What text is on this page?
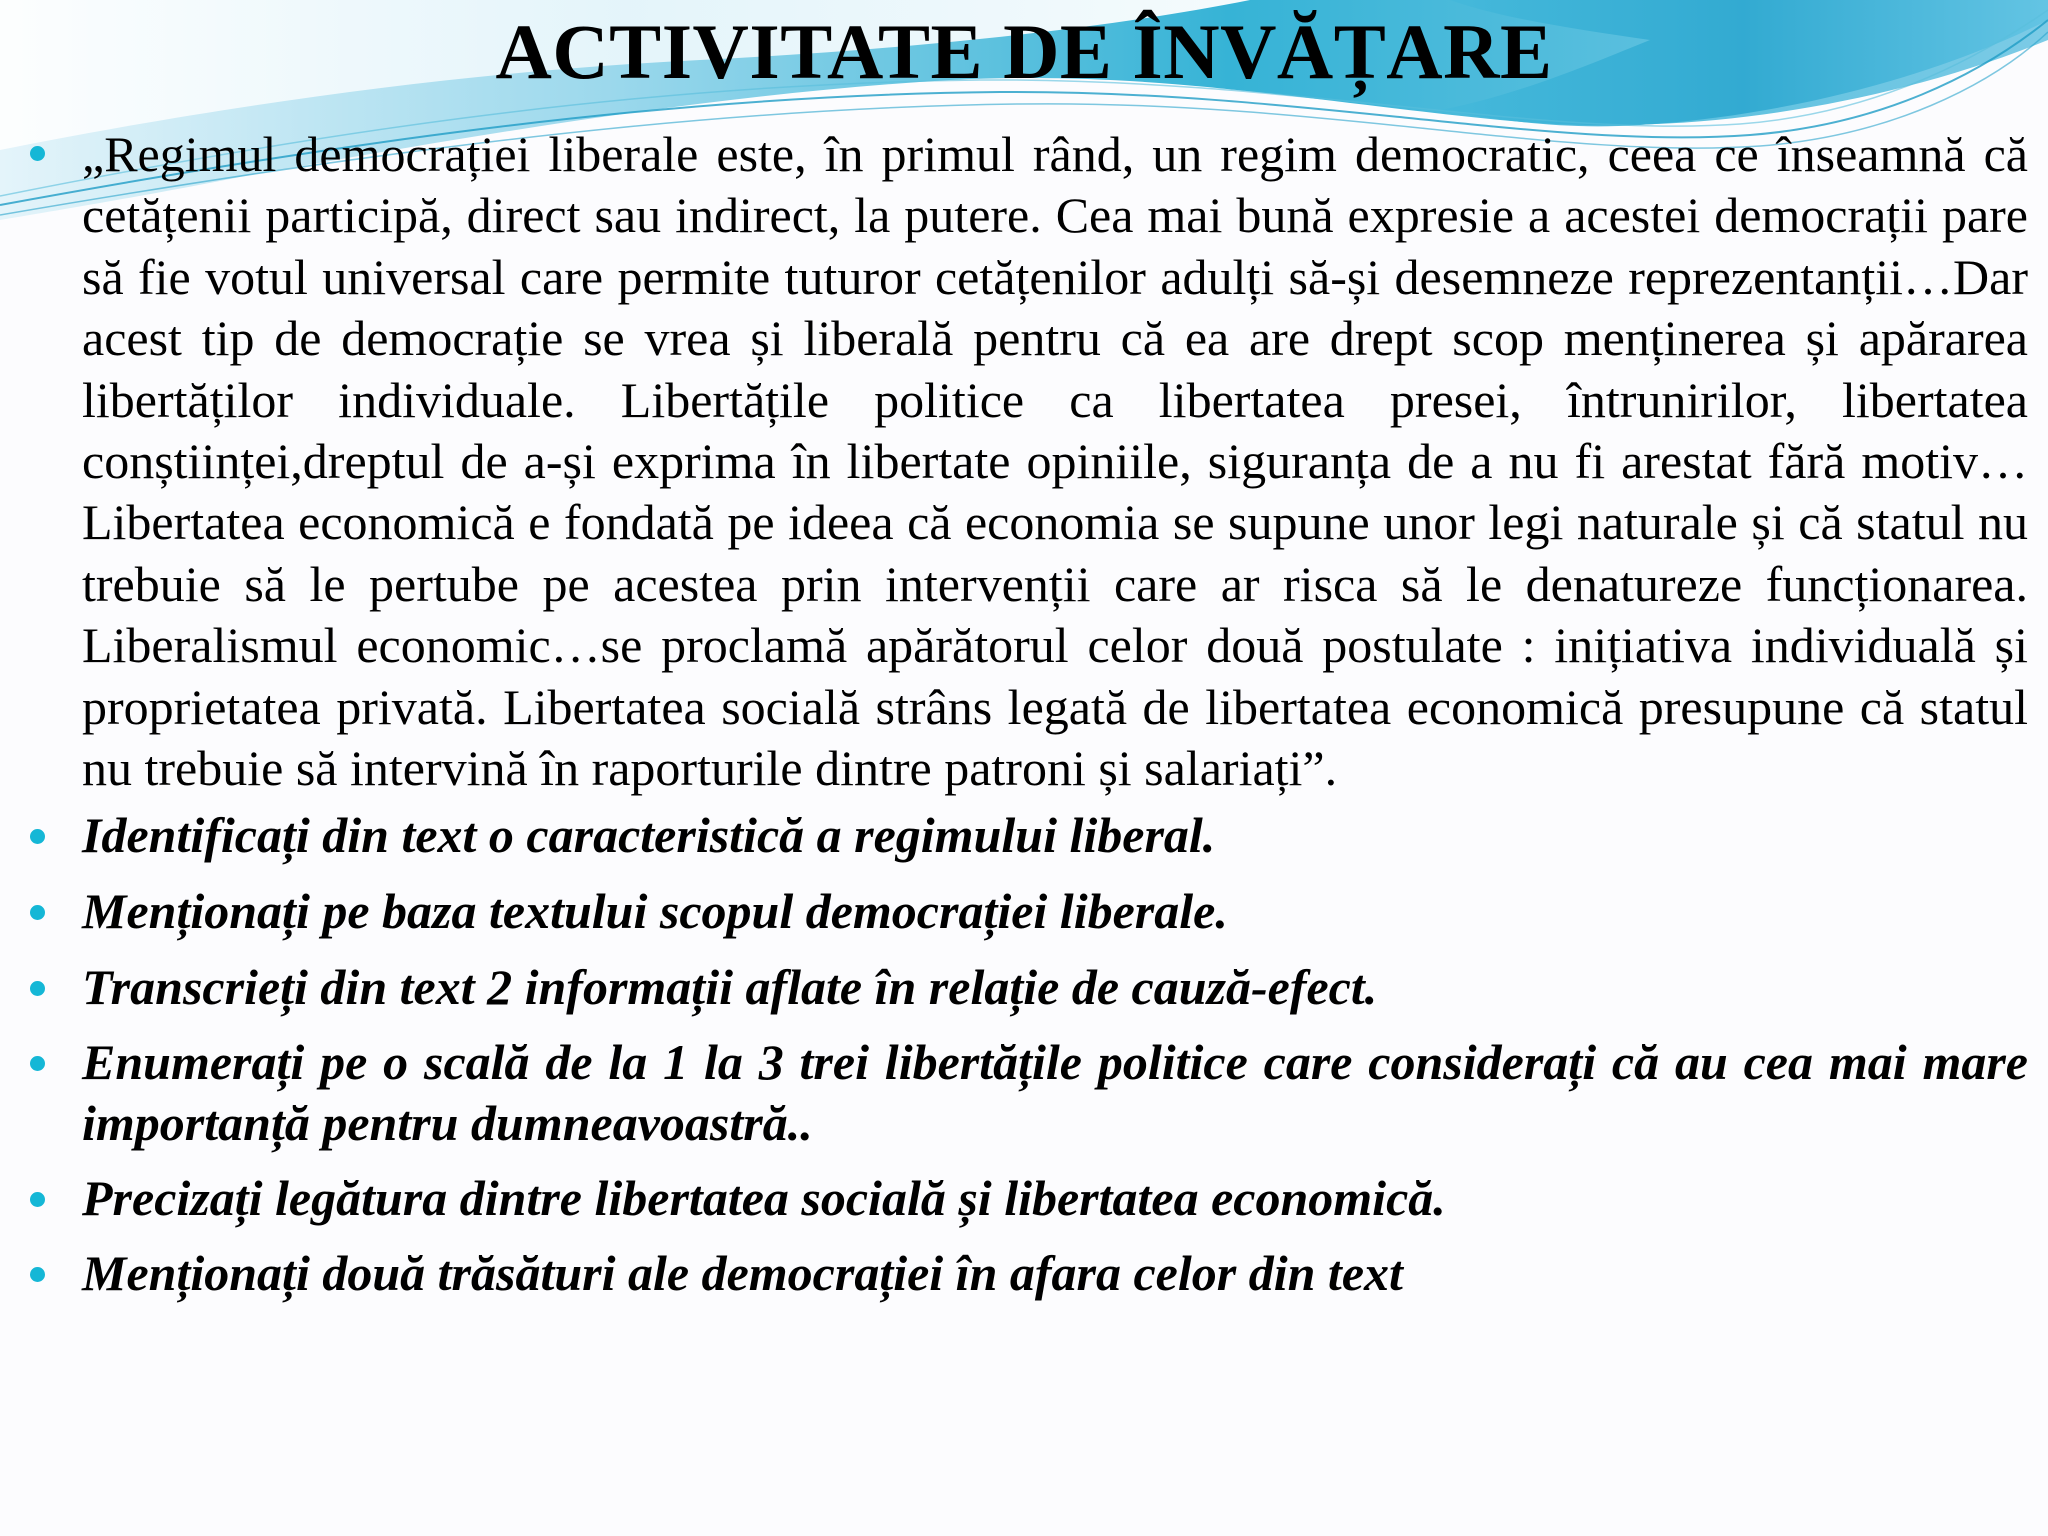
ACTIVITATE DE ÎNVĂȚARE

„Regimul democrației liberale este, în primul rând, un regim democratic, ceea ce înseamnă că cetățenii participă, direct sau indirect, la putere. Cea mai bună expresie a acestei democrații pare să fie votul universal care permite tuturor cetățenilor adulți să-și desemneze reprezentanții…Dar acest tip de democrație se vrea și liberală pentru că ea are drept scop menținerea și apărarea libertăților individuale. Libertățile politice ca libertatea presei, întrunirilor, libertatea conștiinței,dreptul de a-și exprima în libertate opiniile, siguranța de a nu fi arestat fără motiv…Libertatea economică e fondată pe ideea că economia se supune unor legi naturale și că statul nu trebuie să le pertube pe acestea prin intervenții care ar risca să le denatureze funcționarea. Liberalismul economic…se proclamă apărătorul celor două postulate : inițiativa individuală și proprietatea privată. Libertatea socială strâns legată de libertatea economică presupune că statul nu trebuie să intervină în raporturile dintre patroni și salariați”.

Identificați din text o caracteristică a regimului liberal.

Menționați pe baza textului scopul democrației liberale.

Transcrieți din text 2 informații aflate în relație de cauză-efect.

Enumerați pe o scală de la 1 la 3 trei libertățile politice care considerați că au cea mai mare importanță pentru dumneavoastră..

Precizați legătura dintre libertatea socială și libertatea economică.

Menționați două trăsături ale democrației în afara celor din text
